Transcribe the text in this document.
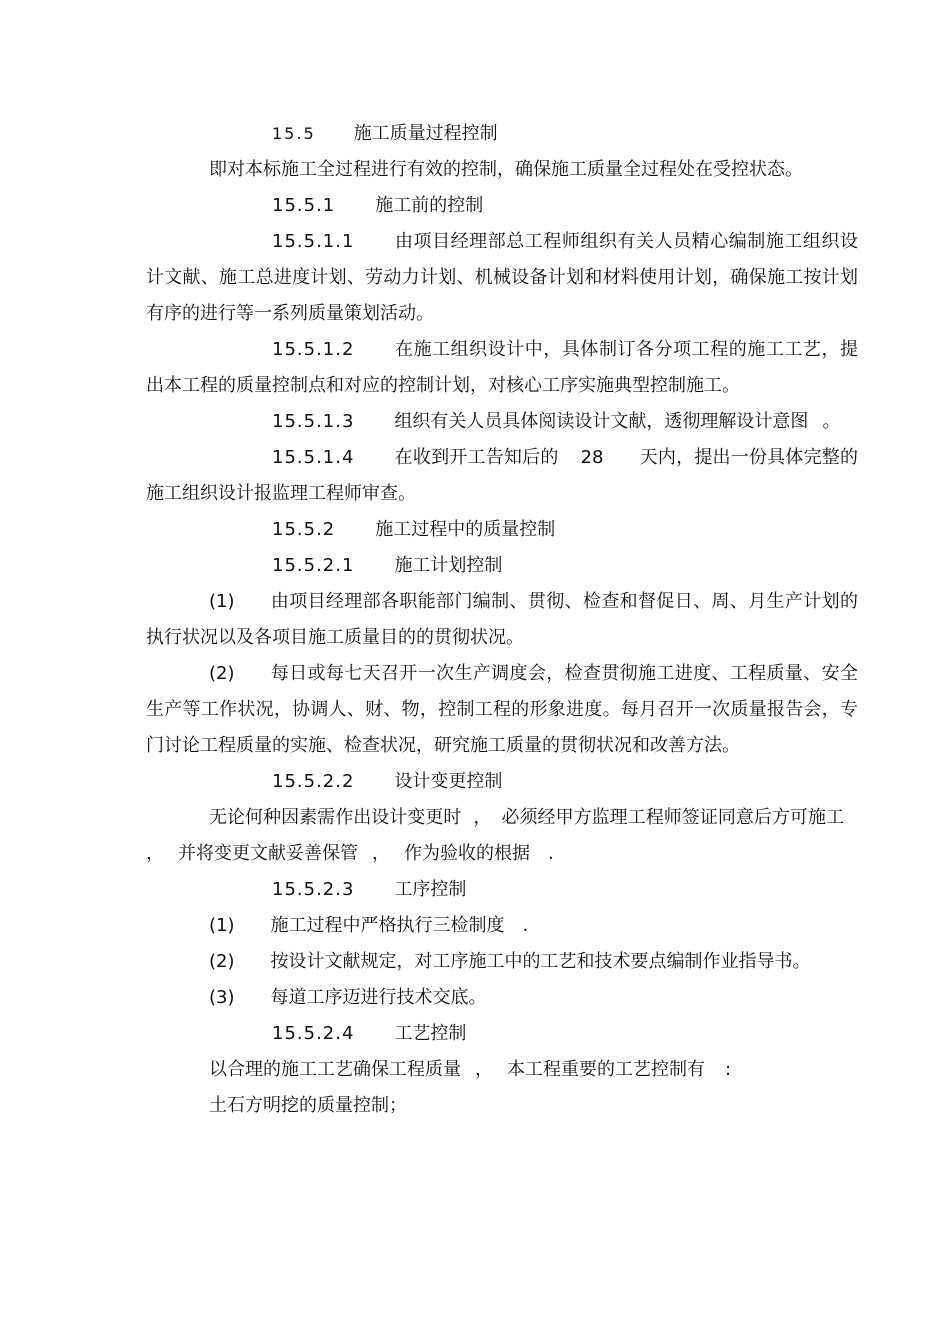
15.5 施工质量过程控制

即对本标施工全过程进行有效的控制，确保施工质量全过程处在受控状态。

15.5.1 施工前的控制

15.5.1.1 由项目经理部总工程师组织有关人员精心编制施工组织设计文献、施工总进度计划、劳动力计划、机械设备计划和材料使用计划，确保施工按计划有序的进行等一系列质量策划活动。

15.5.1.2 在施工组织设计中，具体制订各分项工程的施工工艺，提出本工程的质量控制点和对应的控制计划，对核心工序实施典型控制施工。

15.5.1.3 组织有关人员具体阅读设计文献，透彻理解设计意图 。

15.5.1.4 在收到开工告知后的 28 天内，提出一份具体完整的施工组织设计报监理工程师审查。

15.5.2 施工过程中的质量控制

15.5.2.1 施工计划控制

(1) 由项目经理部各职能部门编制、贯彻、检查和督促日、周、月生产计划的执行状况以及各项目施工质量目的的贯彻状况。

(2) 每日或每七天召开一次生产调度会，检查贯彻施工进度、工程质量、安全生产等工作状况，协调人、财、物，控制工程的形象进度。每月召开一次质量报告会，专门讨论工程质量的实施、检查状况，研究施工质量的贯彻状况和改善方法。

15.5.2.2 设计变更控制

无论何种因素需作出设计变更时 ， 必须经甲方监理工程师签证同意后方可施工， 并将变更文献妥善保管 ， 作为验收的根据 .

15.5.2.3 工序控制

(1) 施工过程中严格执行三检制度 .

(2) 按设计文献规定，对工序施工中的工艺和技术要点编制作业指导书。

(3) 每道工序迈进行技术交底。

15.5.2.4 工艺控制

以合理的施工工艺确保工程质量 ， 本工程重要的工艺控制有 :

土石方明挖的质量控制；
